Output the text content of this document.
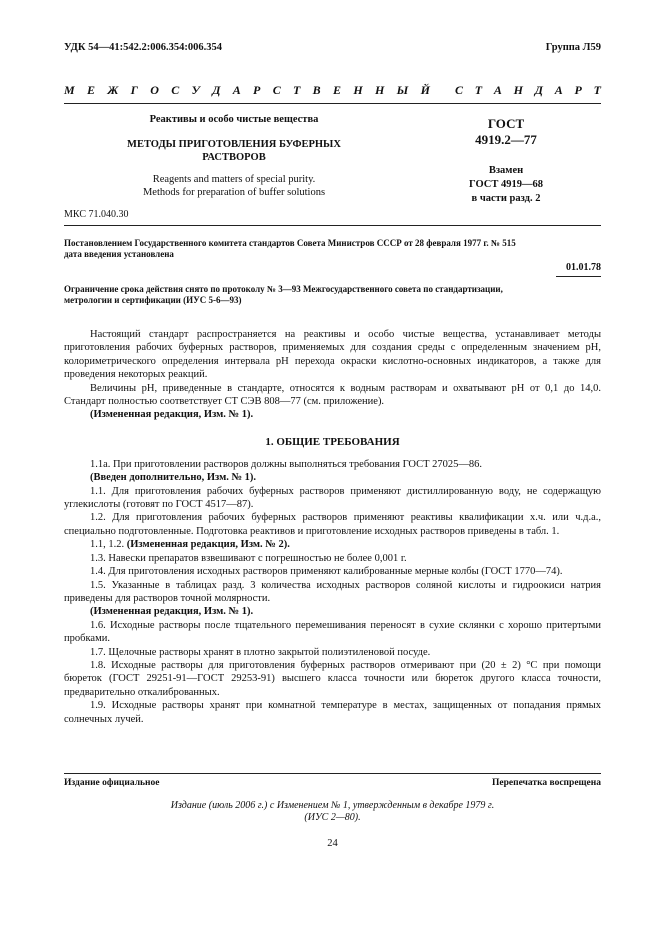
УДК 54—41:542.2:006.354:006.354	Группа Л59
М Е Ж Г О С У Д А Р С Т В Е Н Н Ы Й С Т А Н Д А Р Т
Реактивы и особо чистые вещества
МЕТОДЫ ПРИГОТОВЛЕНИЯ БУФЕРНЫХ
РАСТВОРОВ
Reagents and matters of special purity.
Methods for preparation of buffer solutions
МКС 71.040.30
ГОСТ
4919.2—77
Взамен
ГОСТ 4919—68
в части разд. 2
Постановлением Государственного комитета стандартов Совета Министров СССР от 28 февраля 1977 г. № 515
дата введения установлена
01.01.78
Ограничение срока действия снято по протоколу № 3—93 Межгосударственного совета по стандартизации,
метрологии и сертификации (ИУС 5-6—93)
Настоящий стандарт распространяется на реактивы и особо чистые вещества, устанавливает методы приготовления рабочих буферных растворов, применяемых для создания среды с определенным значением pH, колориметрического определения интервала pH перехода окраски кислотно-основных индикаторов, а также для проведения некоторых реакций.
Величины pH, приведенные в стандарте, относятся к водным растворам и охватывают pH от 0,1 до 14,0. Стандарт полностью соответствует СТ СЭВ 808—77 (см. приложение).
(Измененная редакция, Изм. № 1).
1. ОБЩИЕ ТРЕБОВАНИЯ
1.1а. При приготовлении растворов должны выполняться требования ГОСТ 27025—86.
(Введен дополнительно, Изм. № 1).
1.1. Для приготовления рабочих буферных растворов применяют дистиллированную воду, не содержащую углекислоты (готовят по ГОСТ 4517—87).
1.2. Для приготовления рабочих буферных растворов применяют реактивы квалификации х.ч. или ч.д.а., специально подготовленные. Подготовка реактивов и приготовление исходных растворов приведены в табл. 1.
1.1, 1.2. (Измененная редакция, Изм. № 2).
1.3. Навески препаратов взвешивают с погрешностью не более 0,001 г.
1.4. Для приготовления исходных растворов применяют калиброванные мерные колбы (ГОСТ 1770—74).
1.5. Указанные в таблицах разд. 3 количества исходных растворов соляной кислоты и гидроокиси натрия приведены для растворов точной молярности.
(Измененная редакция, Изм. № 1).
1.6. Исходные растворы после тщательного перемешивания переносят в сухие склянки с хорошо притертыми пробками.
1.7. Щелочные растворы хранят в плотно закрытой полиэтиленовой посуде.
1.8. Исходные растворы для приготовления буферных растворов отмеривают при (20 ± 2) °С при помощи бюреток (ГОСТ 29251-91—ГОСТ 29253-91) высшего класса точности или бюреток другого класса точности, предварительно откалиброванных.
1.9. Исходные растворы хранят при комнатной температуре в местах, защищенных от попадания прямых солнечных лучей.
Издание официальное	Перепечатка воспрещена
Издание (июль 2006 г.) с Изменением № 1, утвержденным в декабре 1979 г.
(ИУС 2—80).
24
